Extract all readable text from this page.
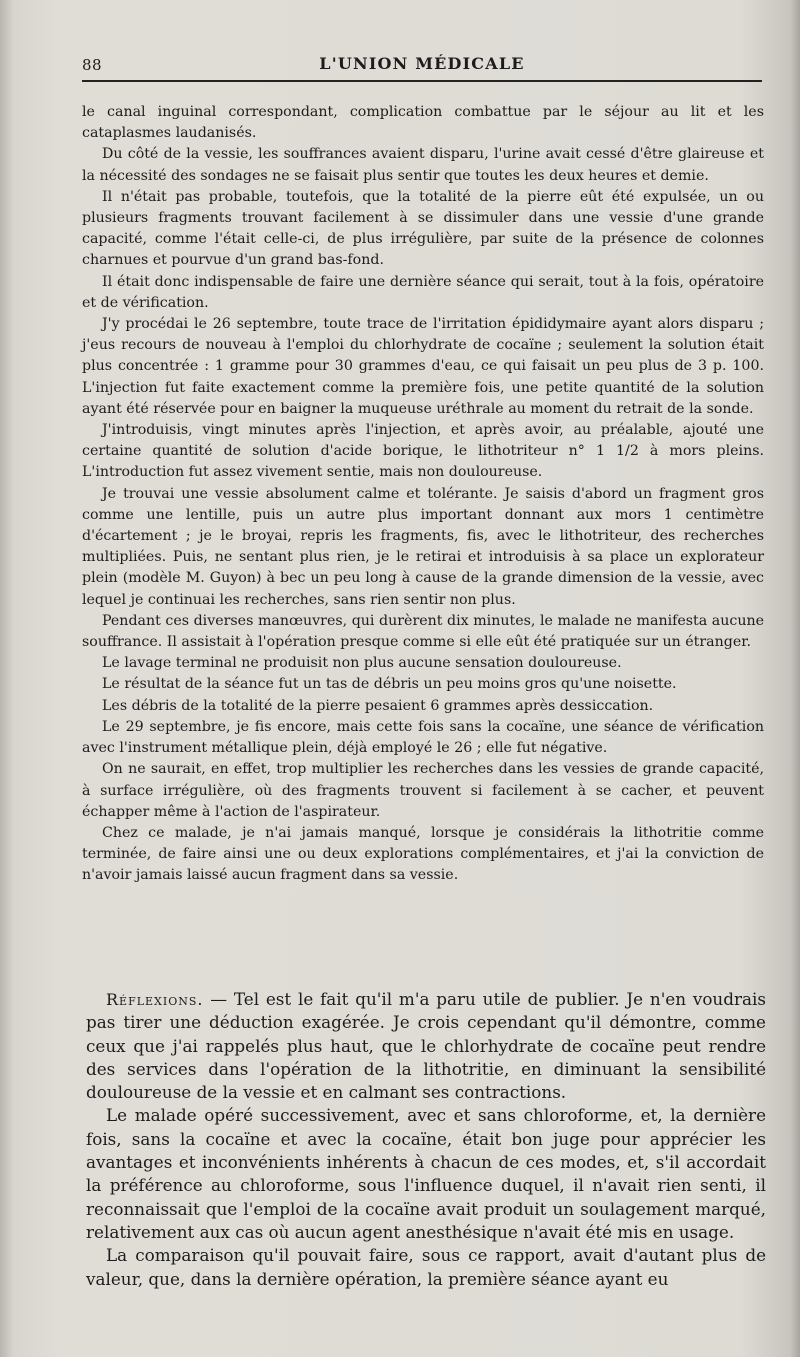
88	L'UNION MÉDICALE

le canal inguinal correspondant, complication combattue par le séjour au lit et les cataplasmes laudanisés.

Du côté de la vessie, les souffrances avaient disparu, l'urine avait cessé d'être glaireuse et la nécessité des sondages ne se faisait plus sentir que toutes les deux heures et demie.

Il n'était pas probable, toutefois, que la totalité de la pierre eût été expulsée, un ou plusieurs fragments trouvant facilement à se dissimuler dans une vessie d'une grande capacité, comme l'était celle-ci, de plus irrégulière, par suite de la présence de colonnes charnues et pourvue d'un grand bas-fond.

Il était donc indispensable de faire une dernière séance qui serait, tout à la fois, opératoire et de vérification.

J'y procédai le 26 septembre, toute trace de l'irritation épididymaire ayant alors disparu ; j'eus recours de nouveau à l'emploi du chlorhydrate de cocaïne ; seulement la solution était plus concentrée : 1 gramme pour 30 grammes d'eau, ce qui faisait un peu plus de 3 p. 100. L'injection fut faite exactement comme la première fois, une petite quantité de la solution ayant été réservée pour en baigner la muqueuse uréthrale au moment du retrait de la sonde.

J'introduisis, vingt minutes après l'injection, et après avoir, au préalable, ajouté une certaine quantité de solution d'acide borique, le lithotriteur n° 1 1/2 à mors pleins. L'introduction fut assez vivement sentie, mais non douloureuse.

Je trouvai une vessie absolument calme et tolérante. Je saisis d'abord un fragment gros comme une lentille, puis un autre plus important donnant aux mors 1 centimètre d'écartement ; je le broyai, repris les fragments, fis, avec le lithotriteur, des recherches multipliées. Puis, ne sentant plus rien, je le retirai et introduisis à sa place un explorateur plein (modèle M. Guyon) à bec un peu long à cause de la grande dimension de la vessie, avec lequel je continuai les recherches, sans rien sentir non plus.

Pendant ces diverses manœuvres, qui durèrent dix minutes, le malade ne manifesta aucune souffrance. Il assistait à l'opération presque comme si elle eût été pratiquée sur un étranger.

Le lavage terminal ne produisit non plus aucune sensation douloureuse.

Le résultat de la séance fut un tas de débris un peu moins gros qu'une noisette.

Les débris de la totalité de la pierre pesaient 6 grammes après dessiccation.

Le 29 septembre, je fis encore, mais cette fois sans la cocaïne, une séance de vérification avec l'instrument métallique plein, déjà employé le 26 ; elle fut négative.

On ne saurait, en effet, trop multiplier les recherches dans les vessies de grande capacité, à surface irrégulière, où des fragments trouvent si facilement à se cacher, et peuvent échapper même à l'action de l'aspirateur.

Chez ce malade, je n'ai jamais manqué, lorsque je considérais la lithotritie comme terminée, de faire ainsi une ou deux explorations complémentaires, et j'ai la conviction de n'avoir jamais laissé aucun fragment dans sa vessie.

Réflexions. — Tel est le fait qu'il m'a paru utile de publier. Je n'en voudrais pas tirer une déduction exagérée. Je crois cependant qu'il démontre, comme ceux que j'ai rappelés plus haut, que le chlorhydrate de cocaïne peut rendre des services dans l'opération de la lithotritie, en diminuant la sensibilité douloureuse de la vessie et en calmant ses contractions.

Le malade opéré successivement, avec et sans chloroforme, et, la dernière fois, sans la cocaïne et avec la cocaïne, était bon juge pour apprécier les avantages et inconvénients inhérents à chacun de ces modes, et, s'il accordait la préférence au chloroforme, sous l'influence duquel, il n'avait rien senti, il reconnaissait que l'emploi de la cocaïne avait produit un soulagement marqué, relativement aux cas où aucun agent anesthésique n'avait été mis en usage.

La comparaison qu'il pouvait faire, sous ce rapport, avait d'autant plus de valeur, que, dans la dernière opération, la première séance ayant eu
